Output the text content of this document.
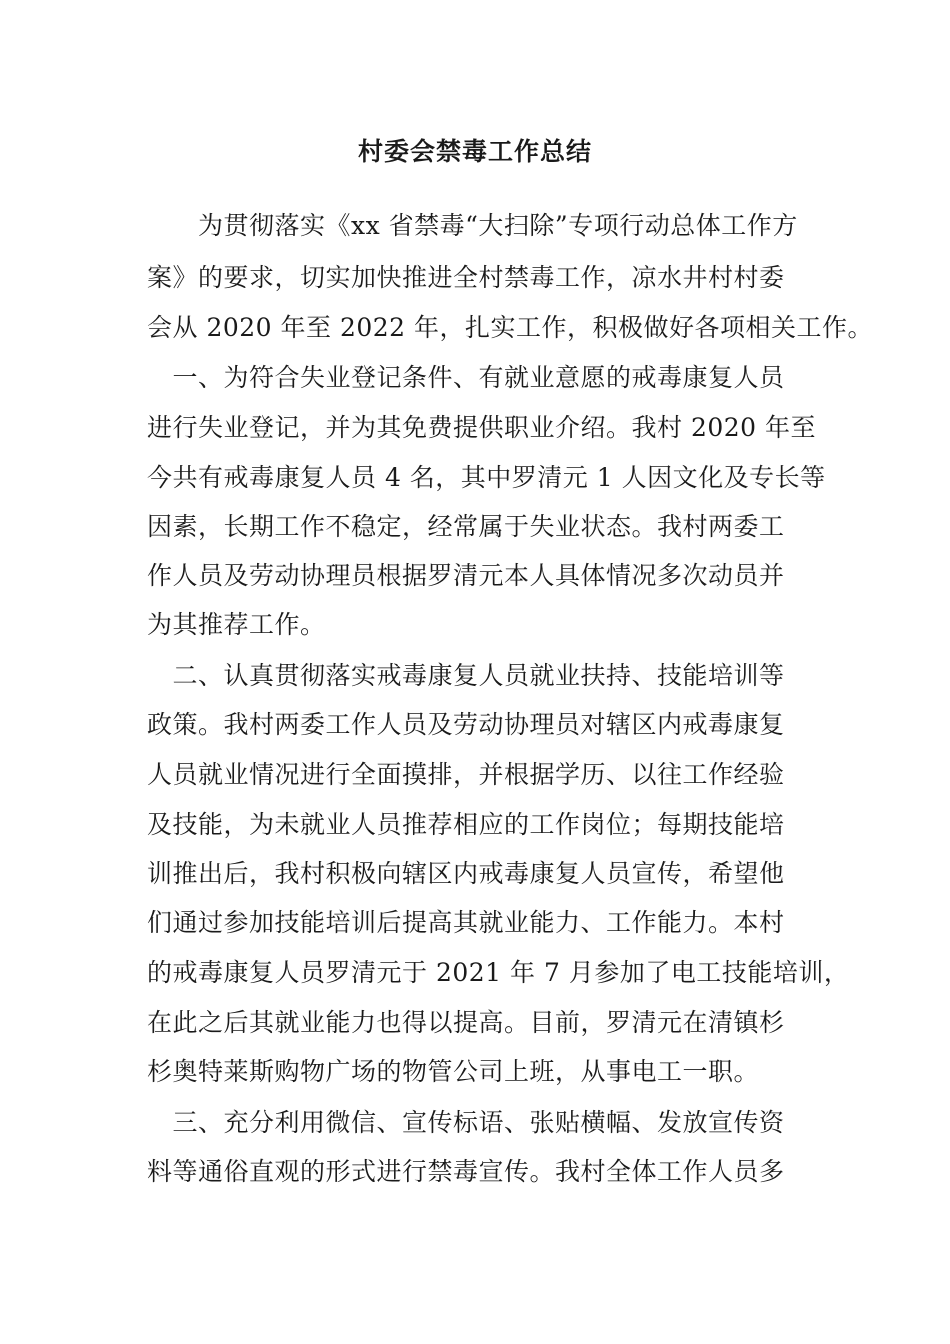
村委会禁毒工作总结
　　为贯彻落实《xx 省禁毒“大扫除”专项行动总体工作方
案》的要求，切实加快推进全村禁毒工作，凉水井村村委
会从 2020 年至 2022 年，扎实工作，积极做好各项相关工作。
　一、为符合失业登记条件、有就业意愿的戒毒康复人员
进行失业登记，并为其免费提供职业介绍。我村 2020 年至
今共有戒毒康复人员 4 名，其中罗清元 1 人因文化及专长等
因素，长期工作不稳定，经常属于失业状态。我村两委工
作人员及劳动协理员根据罗清元本人具体情况多次动员并
为其推荐工作。
　二、认真贯彻落实戒毒康复人员就业扶持、技能培训等
政策。我村两委工作人员及劳动协理员对辖区内戒毒康复
人员就业情况进行全面摸排，并根据学历、以往工作经验
及技能，为未就业人员推荐相应的工作岗位；每期技能培
训推出后，我村积极向辖区内戒毒康复人员宣传，希望他
们通过参加技能培训后提高其就业能力、工作能力。本村
的戒毒康复人员罗清元于 2021 年 7 月参加了电工技能培训，
在此之后其就业能力也得以提高。目前，罗清元在清镇杉
杉奥特莱斯购物广场的物管公司上班，从事电工一职。
　三、充分利用微信、宣传标语、张贴横幅、发放宣传资
料等通俗直观的形式进行禁毒宣传。我村全体工作人员多
